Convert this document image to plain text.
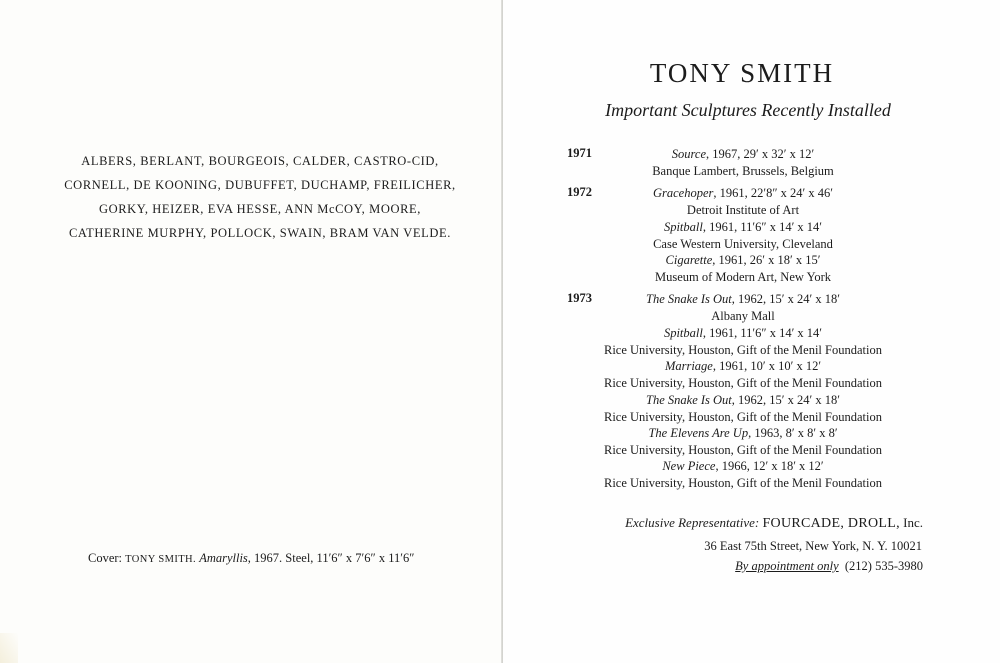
ALBERS, BERLANT, BOURGEOIS, CALDER, CASTRO-CID,
CORNELL, DE KOONING, DUBUFFET, DUCHAMP, FREILICHER,
GORKY, HEIZER, EVA HESSE, ANN McCOY, MOORE,
CATHERINE MURPHY, POLLOCK, SWAIN, BRAM VAN VELDE.
Cover: TONY SMITH. Amaryllis, 1967. Steel, 11′6″ x 7′6″ x 11′6″
TONY SMITH
Important Sculptures Recently Installed
1971
1972
1973
Source, 1967, 29′ x 32′ x 12′
Banque Lambert, Brussels, Belgium
Gracehoper, 1961, 22′8″ x 24′ x 46′
Detroit Institute of Art
Spitball, 1961, 11′6″ x 14′ x 14′
Case Western University, Cleveland
Cigarette, 1961, 26′ x 18′ x 15′
Museum of Modern Art, New York
The Snake Is Out, 1962, 15′ x 24′ x 18′
Albany Mall
Spitball, 1961, 11′6″ x 14′ x 14′
Rice University, Houston, Gift of the Menil Foundation
Marriage, 1961, 10′ x 10′ x 12′
Rice University, Houston, Gift of the Menil Foundation
The Snake Is Out, 1962, 15′ x 24′ x 18′
Rice University, Houston, Gift of the Menil Foundation
The Elevens Are Up, 1963, 8′ x 8′ x 8′
Rice University, Houston, Gift of the Menil Foundation
New Piece, 1966, 12′ x 18′ x 12′
Rice University, Houston, Gift of the Menil Foundation
Exclusive Representative: FOURCADE, DROLL, Inc.
36 East 75th Street, New York, N. Y. 10021
By appointment only (212) 535-3980
